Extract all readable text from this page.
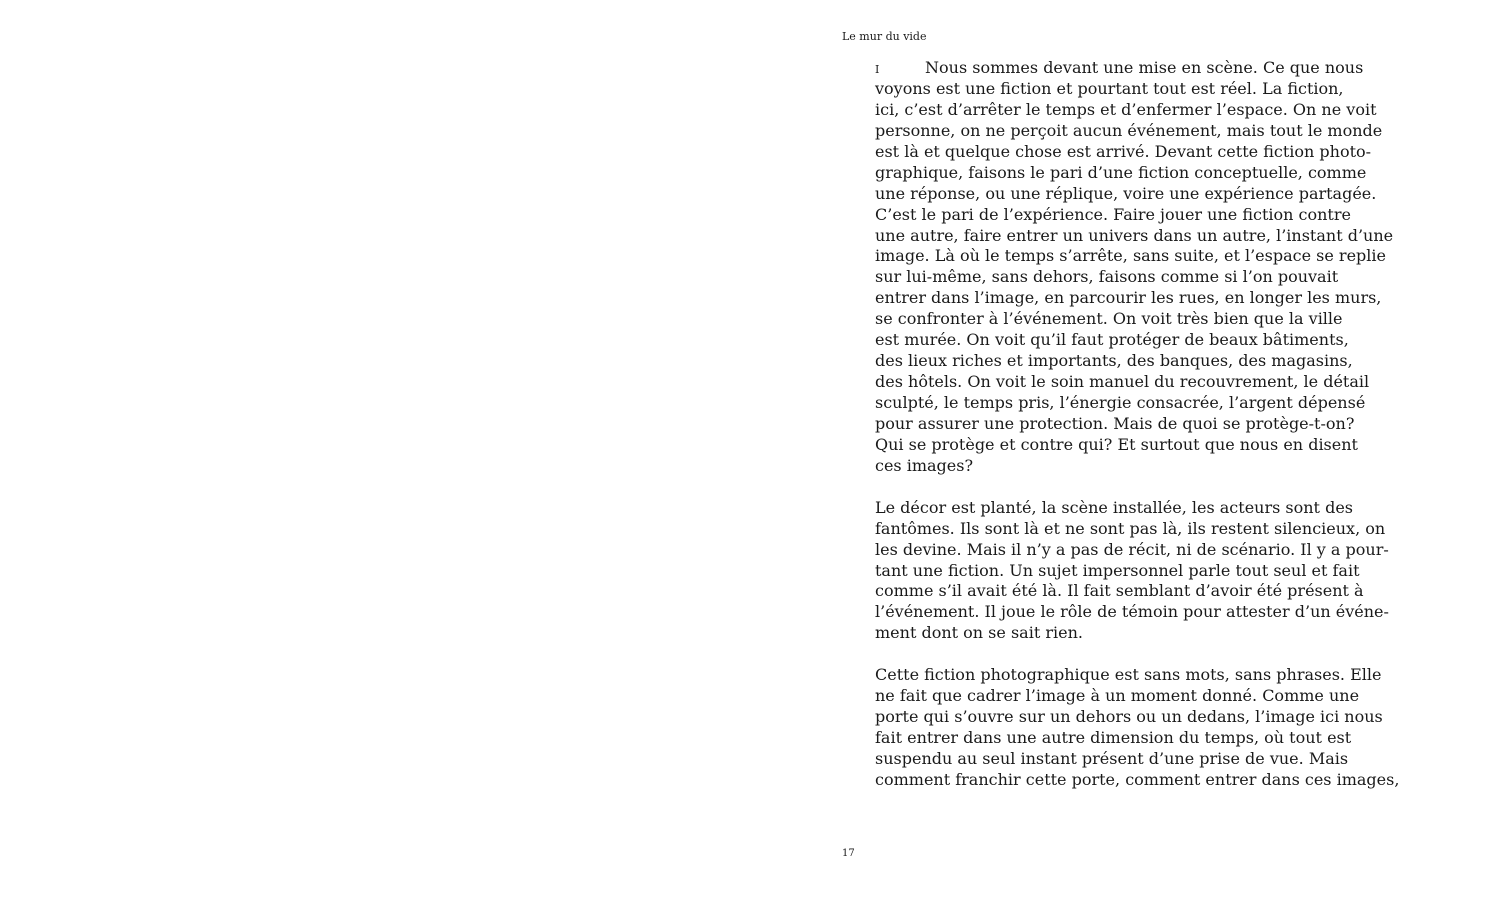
Le mur du vide
I	Nous sommes devant une mise en scène. Ce que nous
voyons est une fiction et pourtant tout est réel. La fiction,
ici, c’est d’arrêter le temps et d’enfermer l’espace. On ne voit
personne, on ne perçoit aucun événement, mais tout le monde
est là et quelque chose est arrivé. Devant cette fiction photo-
graphique, faisons le pari d’une fiction conceptuelle, comme
une réponse, ou une réplique, voire une expérience partagée.
C’est le pari de l’expérience. Faire jouer une fiction contre
une autre, faire entrer un univers dans un autre, l’instant d’une
image. Là où le temps s’arrête, sans suite, et l’espace se replie
sur lui-même, sans dehors, faisons comme si l’on pouvait
entrer dans l’image, en parcourir les rues, en longer les murs,
se confronter à l’événement. On voit très bien que la ville
est murée. On voit qu’il faut protéger de beaux bâtiments,
des lieux riches et importants, des banques, des magasins,
des hôtels. On voit le soin manuel du recouvrement, le détail
sculpté, le temps pris, l’énergie consacrée, l’argent dépensé
pour assurer une protection. Mais de quoi se protège-t-on?
Qui se protège et contre qui? Et surtout que nous en disent
ces images?
Le décor est planté, la scène installée, les acteurs sont des
fantômes. Ils sont là et ne sont pas là, ils restent silencieux, on
les devine. Mais il n’y a pas de récit, ni de scénario. Il y a pour-
tant une fiction. Un sujet impersonnel parle tout seul et fait
comme s’il avait été là. Il fait semblant d’avoir été présent à
l’événement. Il joue le rôle de témoin pour attester d’un événe-
ment dont on se sait rien.
Cette fiction photographique est sans mots, sans phrases. Elle
ne fait que cadrer l’image à un moment donné. Comme une
porte qui s’ouvre sur un dehors ou un dedans, l’image ici nous
fait entrer dans une autre dimension du temps, où tout est
suspendu au seul instant présent d’une prise de vue. Mais
comment franchir cette porte, comment entrer dans ces images,
17
